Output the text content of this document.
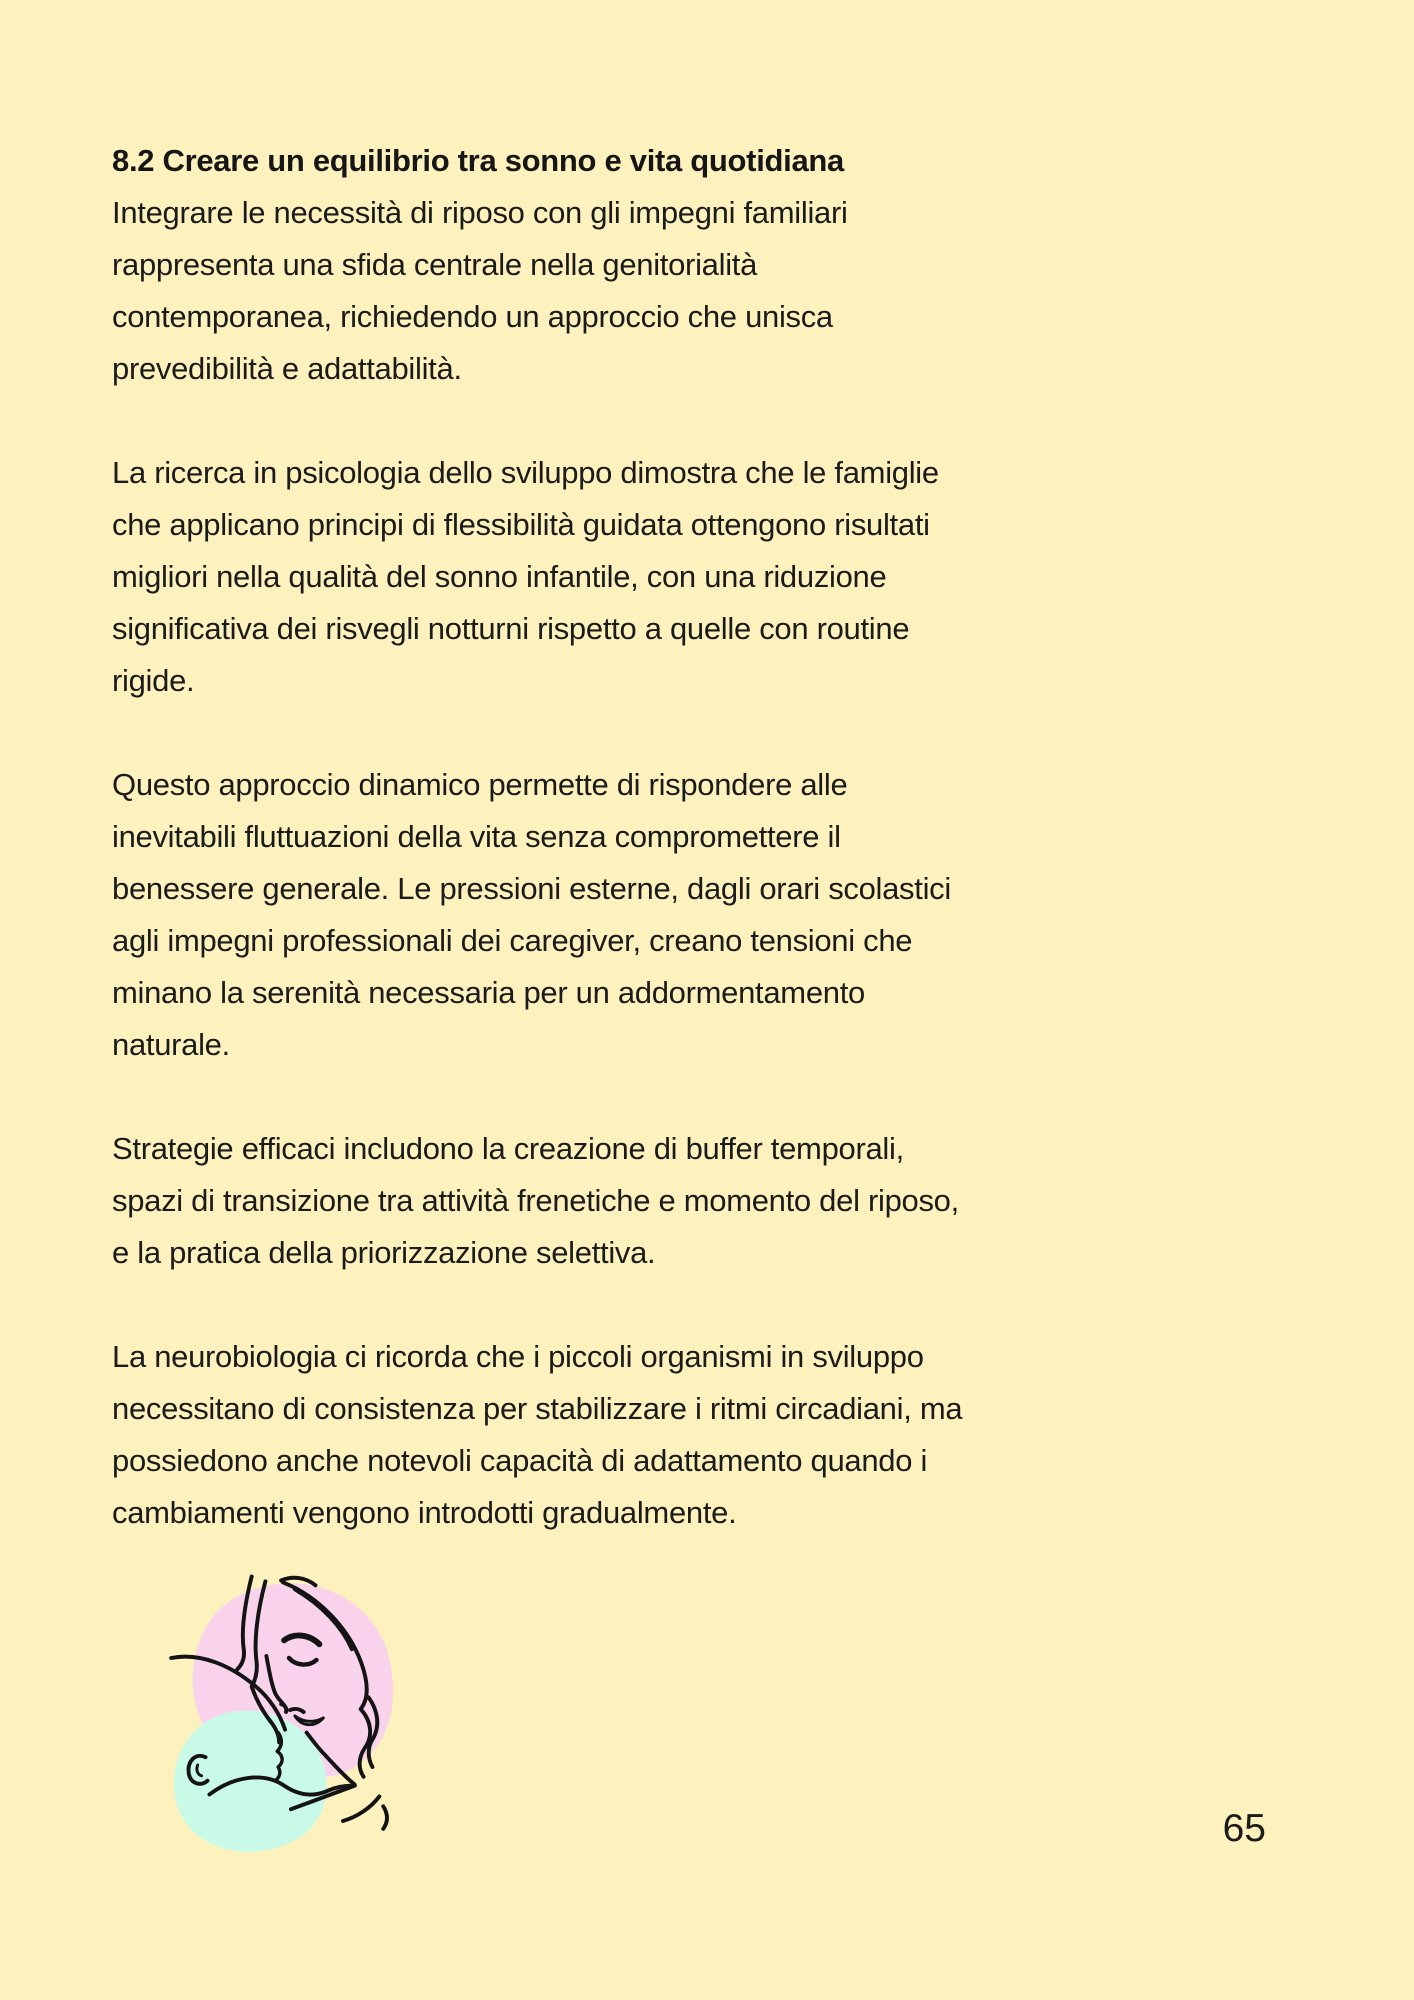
8.2 Creare un equilibrio tra sonno e vita quotidiana
Integrare le necessità di riposo con gli impegni familiari
rappresenta una sfida centrale nella genitorialità
contemporanea, richiedendo un approccio che unisca
prevedibilità e adattabilità.
La ricerca in psicologia dello sviluppo dimostra che le famiglie
che applicano principi di flessibilità guidata ottengono risultati
migliori nella qualità del sonno infantile, con una riduzione
significativa dei risvegli notturni rispetto a quelle con routine
rigide.
Questo approccio dinamico permette di rispondere alle
inevitabili fluttuazioni della vita senza compromettere il
benessere generale. Le pressioni esterne, dagli orari scolastici
agli impegni professionali dei caregiver, creano tensioni che
minano la serenità necessaria per un addormentamento
naturale.
Strategie efficaci includono la creazione di buffer temporali,
spazi di transizione tra attività frenetiche e momento del riposo,
e la pratica della priorizzazione selettiva.
La neurobiologia ci ricorda che i piccoli organismi in sviluppo
necessitano di consistenza per stabilizzare i ritmi circadiani, ma
possiedono anche notevoli capacità di adattamento quando i
cambiamenti vengono introdotti gradualmente.
65
